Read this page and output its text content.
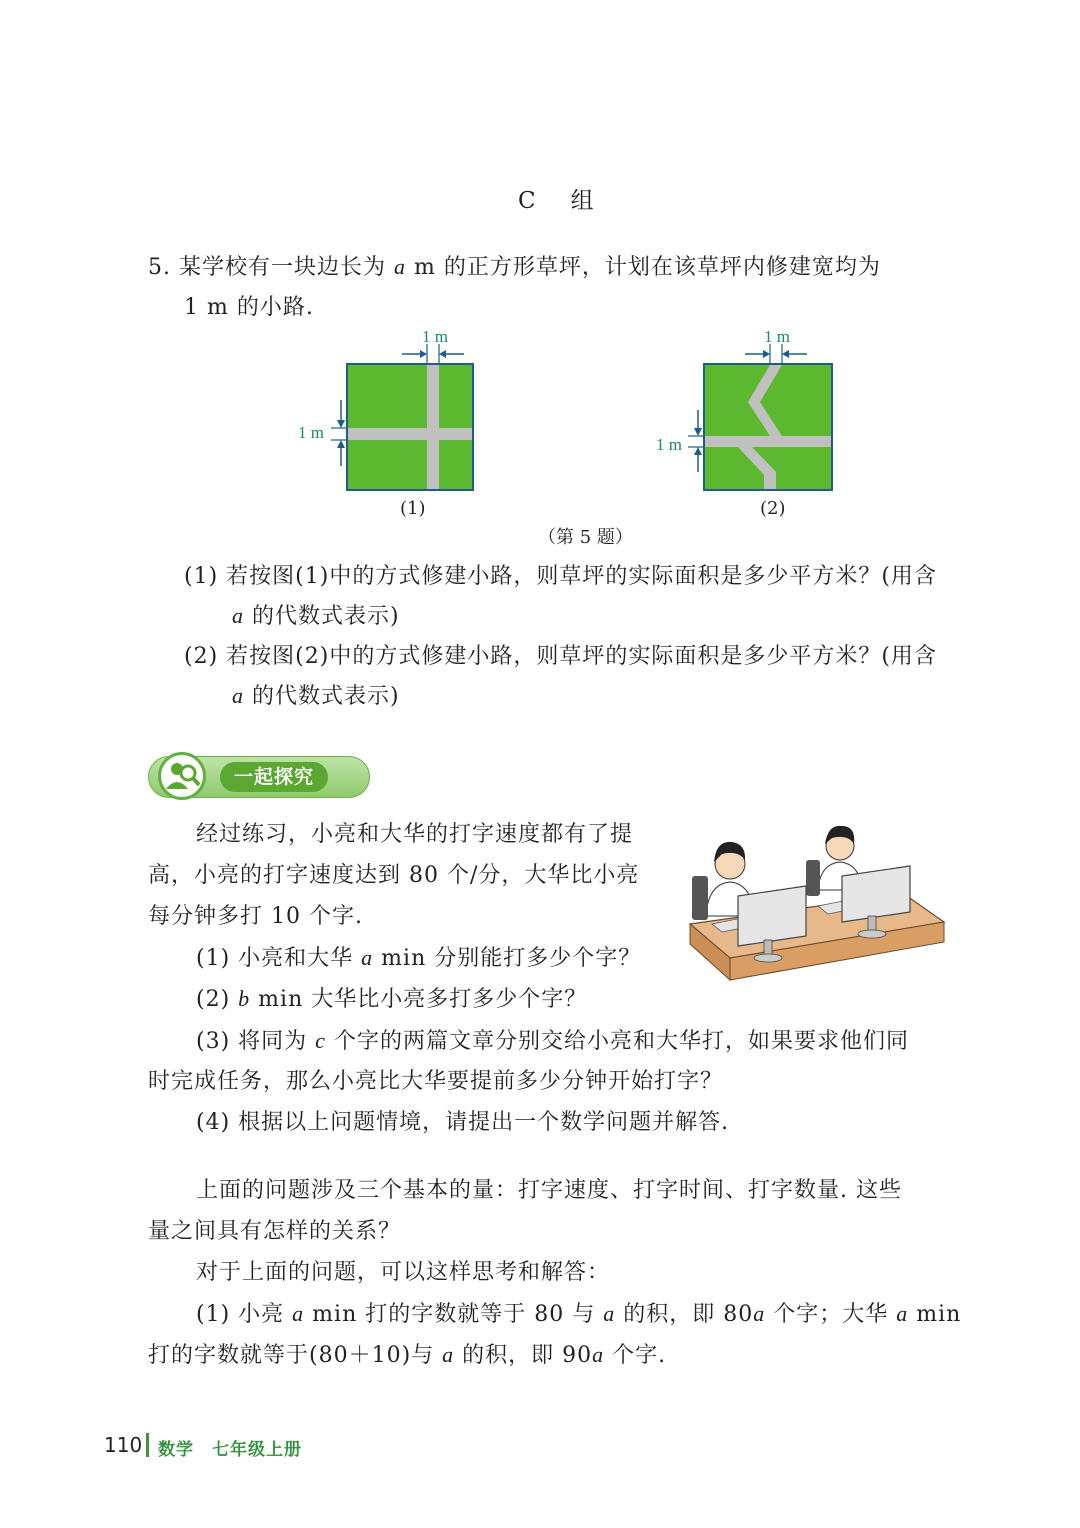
C　组
5. 某学校有一块边长为 a m 的正方形草坪，计划在该草坪内修建宽均为
1 m 的小路.
1 m
1 m
(1)
1 m
1 m
(2)
（第 5 题）
(1) 若按图(1)中的方式修建小路，则草坪的实际面积是多少平方米？(用含
a 的代数式表示)
(2) 若按图(2)中的方式修建小路，则草坪的实际面积是多少平方米？(用含
a 的代数式表示)
一起探究
经过练习，小亮和大华的打字速度都有了提
高，小亮的打字速度达到 80 个/分，大华比小亮
每分钟多打 10 个字.
(1) 小亮和大华 a min 分别能打多少个字？
(2) b min 大华比小亮多打多少个字？
(3) 将同为 c 个字的两篇文章分别交给小亮和大华打，如果要求他们同
时完成任务，那么小亮比大华要提前多少分钟开始打字？
(4) 根据以上问题情境，请提出一个数学问题并解答.
上面的问题涉及三个基本的量：打字速度、打字时间、打字数量. 这些
量之间具有怎样的关系？
对于上面的问题，可以这样思考和解答：
(1) 小亮 a min 打的字数就等于 80 与 a 的积，即 80a 个字；大华 a min
打的字数就等于(80＋10)与 a 的积，即 90a 个字.
110 数学　七年级上册
